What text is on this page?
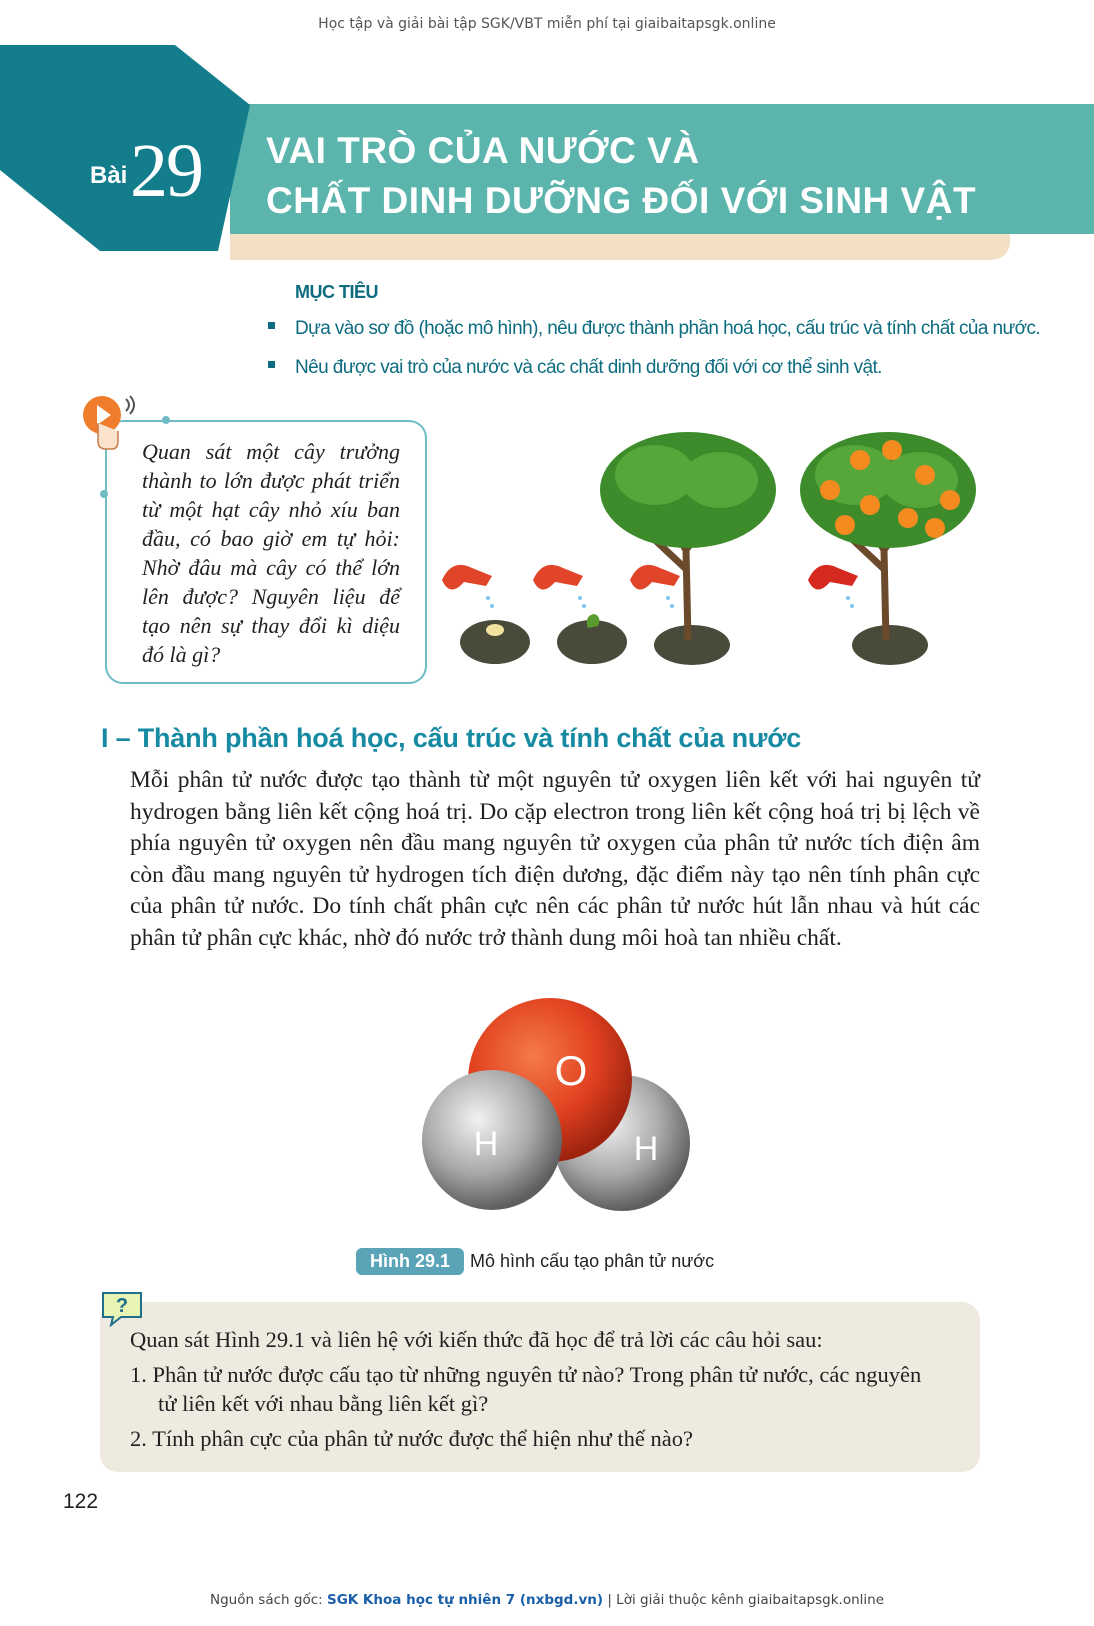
Học tập và giải bài tập SGK/VBT miễn phí tại giaibaitapsgk.online
Bài 29 VAI TRÒ CỦA NƯỚC VÀ
CHẤT DINH DƯỠNG ĐỐI VỚI SINH VẬT
MỤC TIÊU
Dựa vào sơ đồ (hoặc mô hình), nêu được thành phần hoá học, cấu trúc và tính chất của nước.
Nêu được vai trò của nước và các chất dinh dưỡng đối với cơ thể sinh vật.
Quan sát một cây trưởng thành to lớn được phát triển từ một hạt cây nhỏ xíu ban đầu, có bao giờ em tự hỏi: Nhờ đâu mà cây có thể lớn lên được? Nguyên liệu để tạo nên sự thay đổi kì diệu đó là gì?
I – Thành phần hoá học, cấu trúc và tính chất của nước
Mỗi phân tử nước được tạo thành từ một nguyên tử oxygen liên kết với hai nguyên tử hydrogen bằng liên kết cộng hoá trị. Do cặp electron trong liên kết cộng hoá trị bị lệch về phía nguyên tử oxygen nên đầu mang nguyên tử oxygen của phân tử nước tích điện âm còn đầu mang nguyên tử hydrogen tích điện dương, đặc điểm này tạo nên tính phân cực của phân tử nước. Do tính chất phân cực nên các phân tử nước hút lẫn nhau và hút các phân tử phân cực khác, nhờ đó nước trở thành dung môi hoà tan nhiều chất.
O
H	H
Hình 29.1 Mô hình cấu tạo phân tử nước
?
Quan sát Hình 29.1 và liên hệ với kiến thức đã học để trả lời các câu hỏi sau:
1. Phân tử nước được cấu tạo từ những nguyên tử nào? Trong phân tử nước, các nguyên
tử liên kết với nhau bằng liên kết gì?
2. Tính phân cực của phân tử nước được thể hiện như thế nào?
122
Nguồn sách gốc: SGK Khoa học tự nhiên 7 (nxbgd.vn) | Lời giải thuộc kênh giaibaitapsgk.online
